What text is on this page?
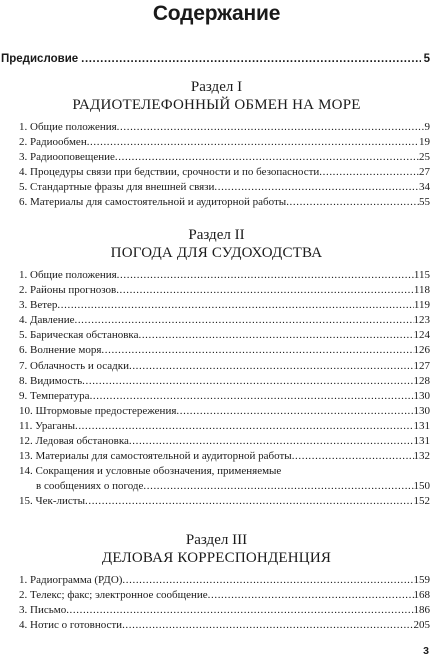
Содержание
Предисловие .....	5
Раздел I
РАДИОТЕЛЕФОННЫЙ ОБМЕН НА МОРЕ
1. Общие положения .....	9
2. Радиообмен .....	19
3. Радиооповещение .....	25
4. Процедуры связи при бедствии, срочности и по безопасности .....	27
5. Стандартные фразы для внешней связи .....	34
6. Материалы для самостоятельной и аудиторной работы .....	55
Раздел II
ПОГОДА ДЛЯ СУДОХОДСТВА
1. Общие положения .....	115
2. Районы прогнозов .....	118
3. Ветер .....	119
4. Давление .....	123
5. Барическая обстановка .....	124
6. Волнение моря .....	126
7. Облачность и осадки .....	127
8. Видимость .....	128
9. Температура .....	130
10. Штормовые предостережения .....	130
11. Ураганы .....	131
12. Ледовая обстановка .....	131
13. Материалы для самостоятельной и аудиторной работы .....	132
14. Сокращения и условные обозначения, применяемые
в сообщениях о погоде .....	150
15. Чек-листы .....	152
Раздел III
ДЕЛОВАЯ КОРРЕСПОНДЕНЦИЯ
1. Радиограмма (РДО) .....	159
2. Телекс; факс; электронное сообщение .....	168
3. Письмо .....	186
4. Нотис о готовности .....	205
3
